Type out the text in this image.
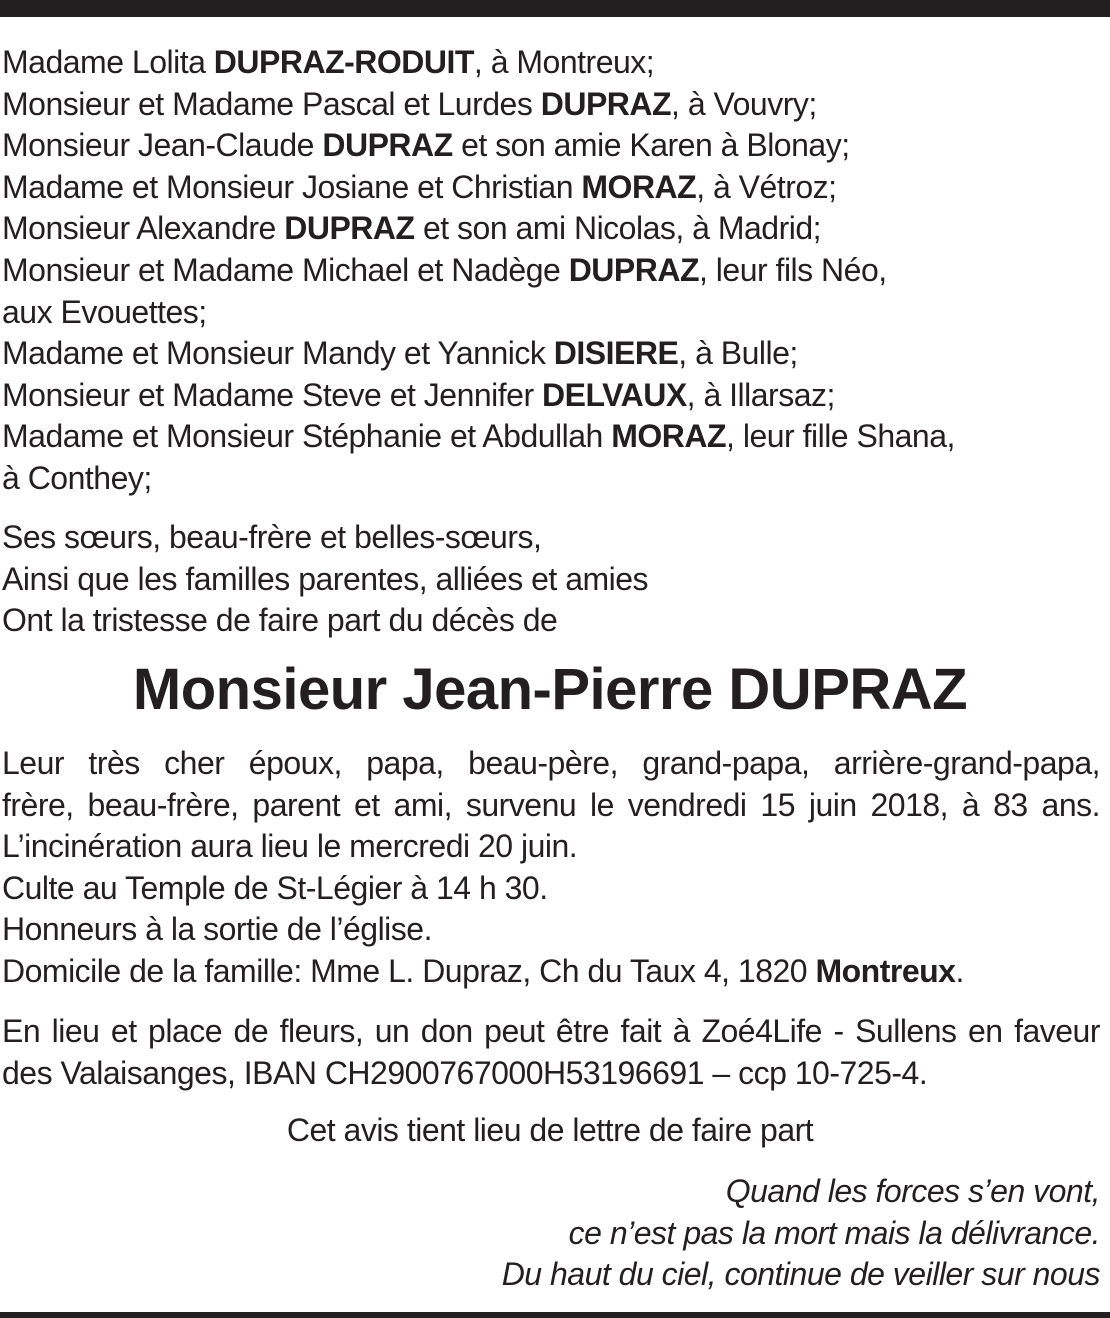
Madame Lolita DUPRAZ-RODUIT, à Montreux;
Monsieur et Madame Pascal et Lurdes DUPRAZ, à Vouvry;
Monsieur Jean-Claude DUPRAZ et son amie Karen à Blonay;
Madame et Monsieur Josiane et Christian MORAZ, à Vétroz;
Monsieur Alexandre DUPRAZ et son ami Nicolas, à Madrid;
Monsieur et Madame Michael et Nadège DUPRAZ, leur fils Néo,
aux Evouettes;
Madame et Monsieur Mandy et Yannick DISIERE, à Bulle;
Monsieur et Madame Steve et Jennifer DELVAUX, à Illarsaz;
Madame et Monsieur Stéphanie et Abdullah MORAZ, leur fille Shana,
à Conthey;
Ses sœurs, beau-frère et belles-sœurs,
Ainsi que les familles parentes, alliées et amies
Ont la tristesse de faire part du décès de
Monsieur Jean-Pierre DUPRAZ
Leur très cher époux, papa, beau-père, grand-papa, arrière-grand-papa,
frère, beau-frère, parent et ami, survenu le vendredi 15 juin 2018, à 83 ans.
L’incinération aura lieu le mercredi 20 juin.
Culte au Temple de St-Légier à 14 h 30.
Honneurs à la sortie de l’église.
Domicile de la famille: Mme L. Dupraz, Ch du Taux 4, 1820 Montreux.
En lieu et place de fleurs, un don peut être fait à Zoé4Life - Sullens en faveur
des Valaisanges, IBAN CH2900767000H53196691 – ccp 10-725-4.
Cet avis tient lieu de lettre de faire part
Quand les forces s’en vont,
ce n’est pas la mort mais la délivrance.
Du haut du ciel, continue de veiller sur nous
